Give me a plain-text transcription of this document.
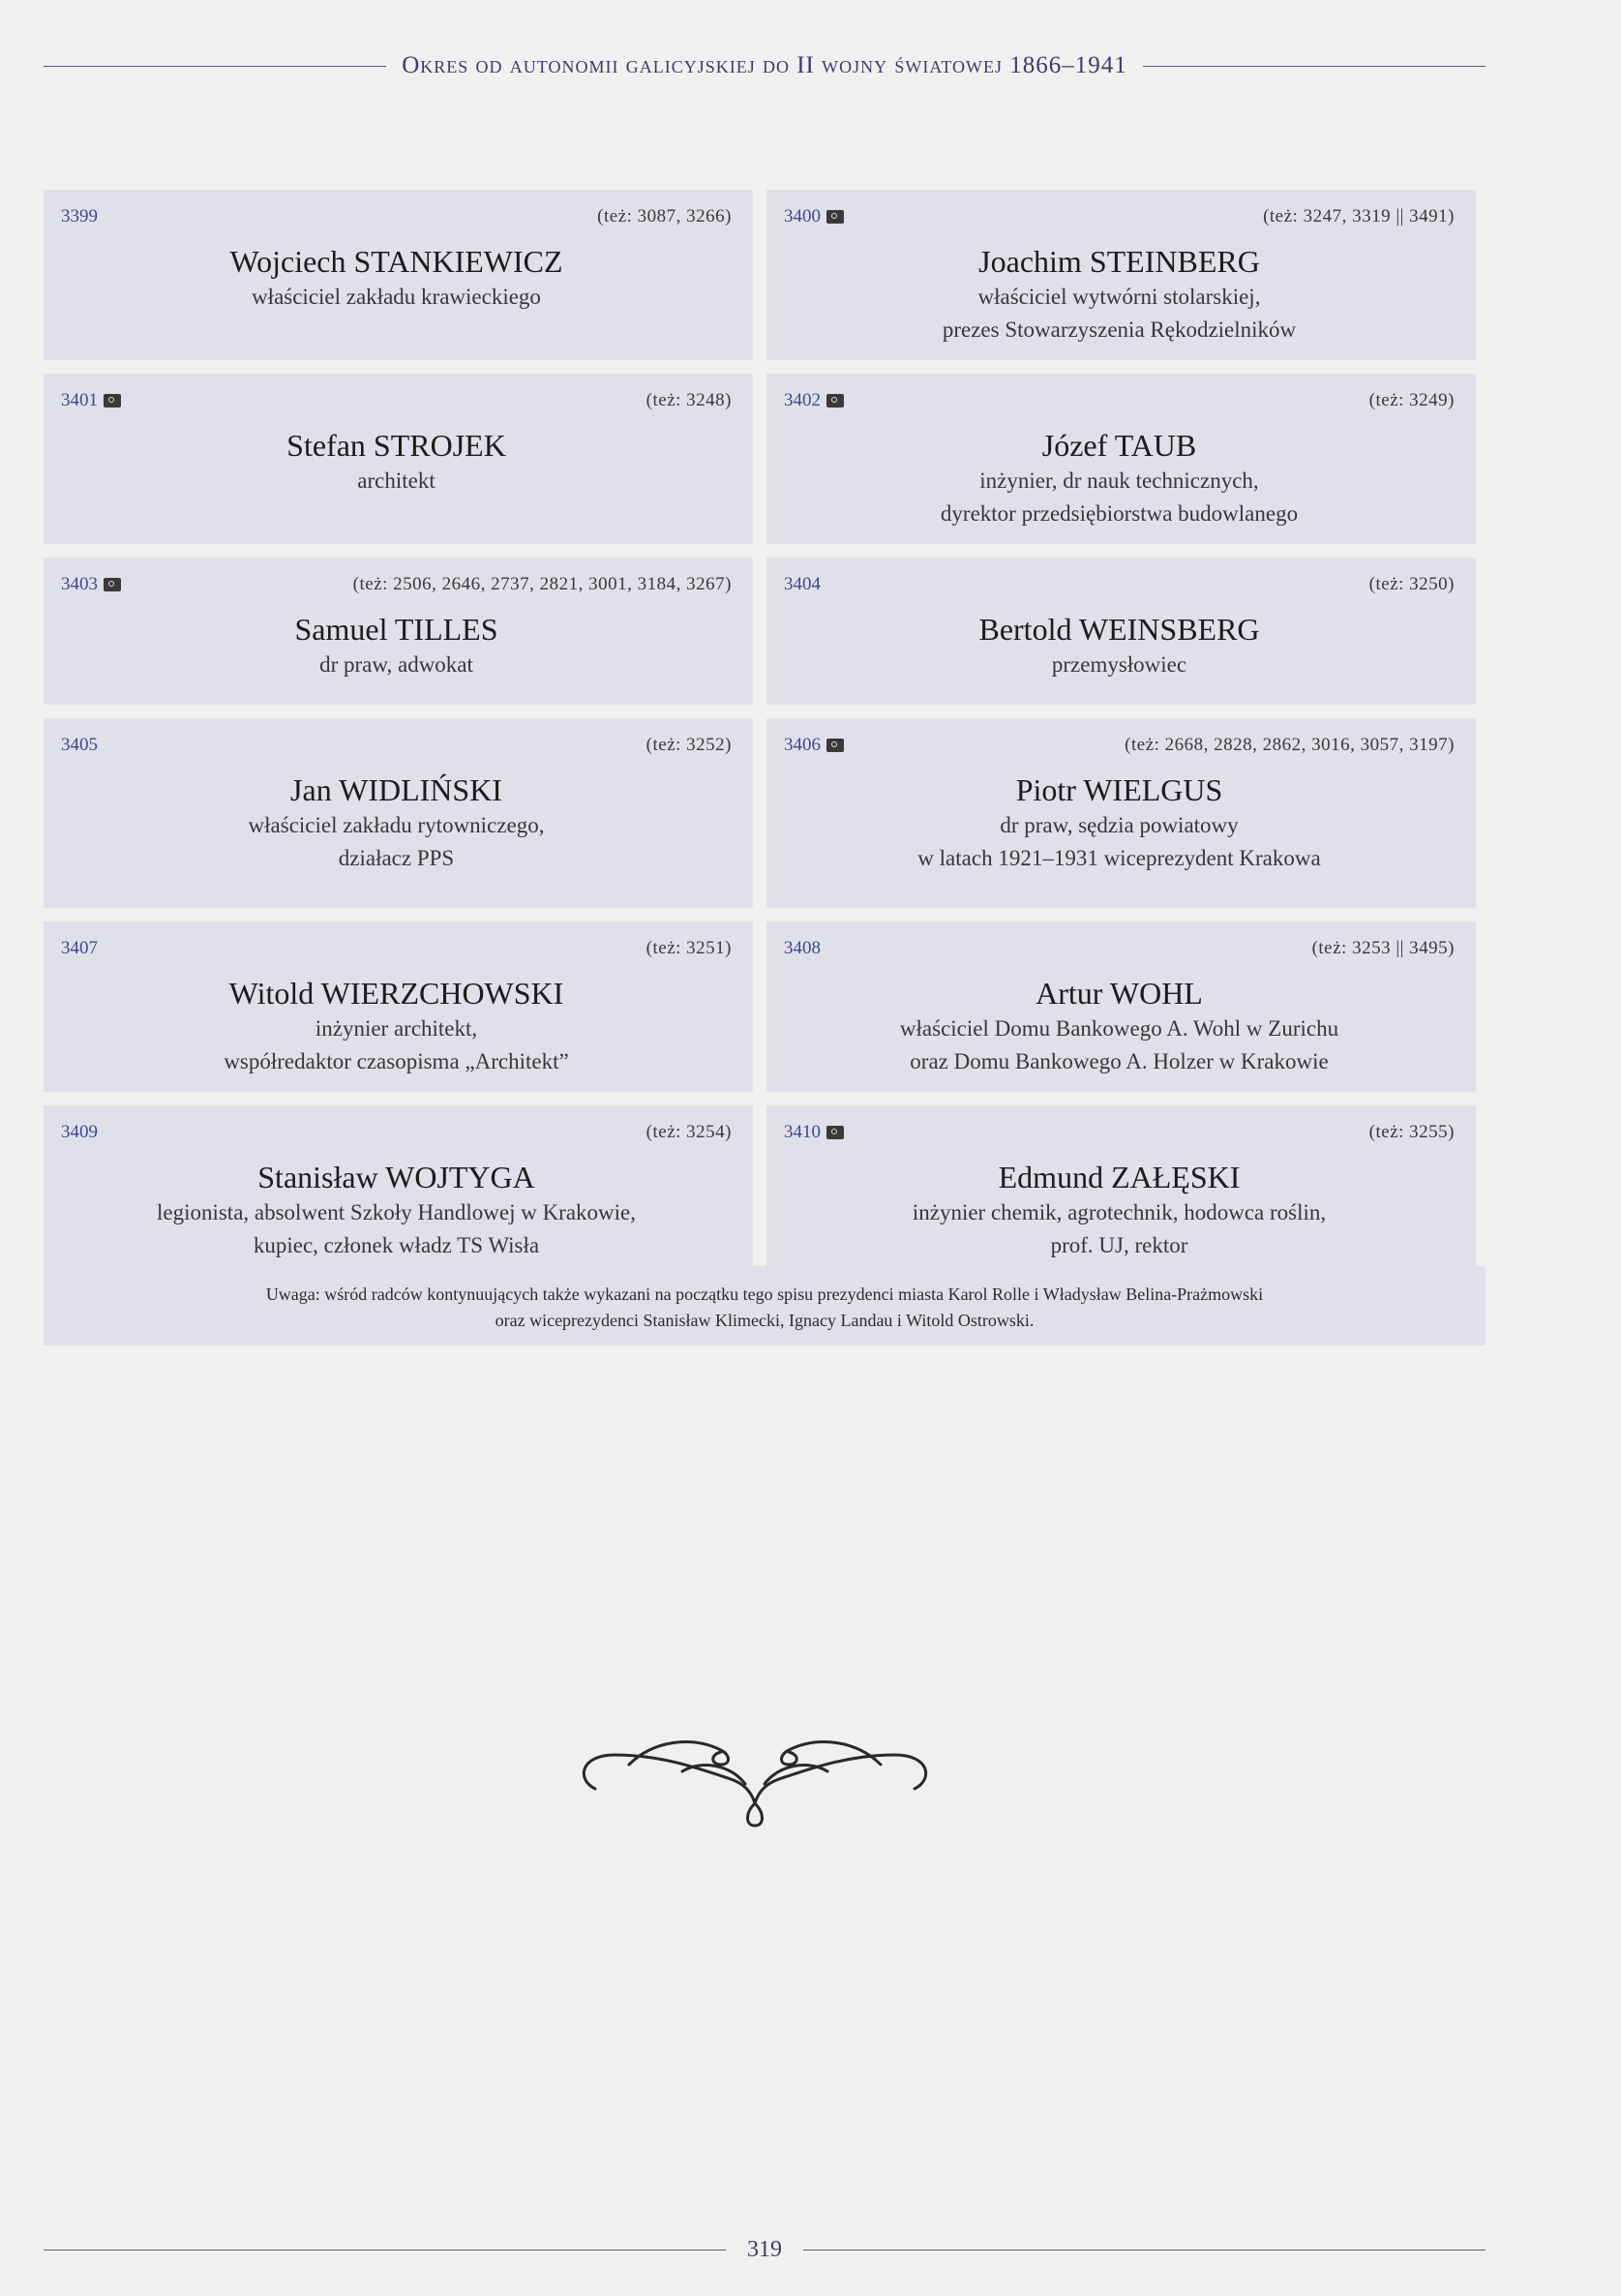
Okres od autonomii galicyjskiej do II wojny światowej 1866–1941
3399	(też: 3087, 3266)
Wojciech STANKIEWICZ
właściciel zakładu krawieckiego
3400	(też: 3247, 3319 || 3491)
Joachim STEINBERG
właściciel wytwórni stolarskiej,
prezes Stowarzyszenia Rękodzielników
3401	(też: 3248)
Stefan STROJEK
architekt
3402	(też: 3249)
Józef TAUB
inżynier, dr nauk technicznych,
dyrektor przedsiębiorstwa budowlanego
3403	(też: 2506, 2646, 2737, 2821, 3001, 3184, 3267)
Samuel TILLES
dr praw, adwokat
3404	(też: 3250)
Bertold WEINSBERG
przemysłowiec
3405	(też: 3252)
Jan WIDLIŃSKI
właściciel zakładu rytowniczego,
działacz PPS
3406	(też: 2668, 2828, 2862, 3016, 3057, 3197)
Piotr WIELGUS
dr praw, sędzia powiatowy
w latach 1921–1931 wiceprezydent Krakowa
3407	(też: 3251)
Witold WIERZCHOWSKI
inżynier architekt,
współredaktor czasopisma „Architekt”
3408	(też: 3253 || 3495)
Artur WOHL
właściciel Domu Bankowego A. Wohl w Zurichu
oraz Domu Bankowego A. Holzer w Krakowie
3409	(też: 3254)
Stanisław WOJTYGA
legionista, absolwent Szkoły Handlowej w Krakowie,
kupiec, członek władz TS Wisła
3410	(też: 3255)
Edmund ZAŁĘSKI
inżynier chemik, agrotechnik, hodowca roślin,
prof. UJ, rektor
Uwaga: wśród radców kontynuujących także wykazani na początku tego spisu prezydenci miasta Karol Rolle i Władysław Belina-Prażmowski
oraz wiceprezydenci Stanisław Klimecki, Ignacy Landau i Witold Ostrowski.
319
